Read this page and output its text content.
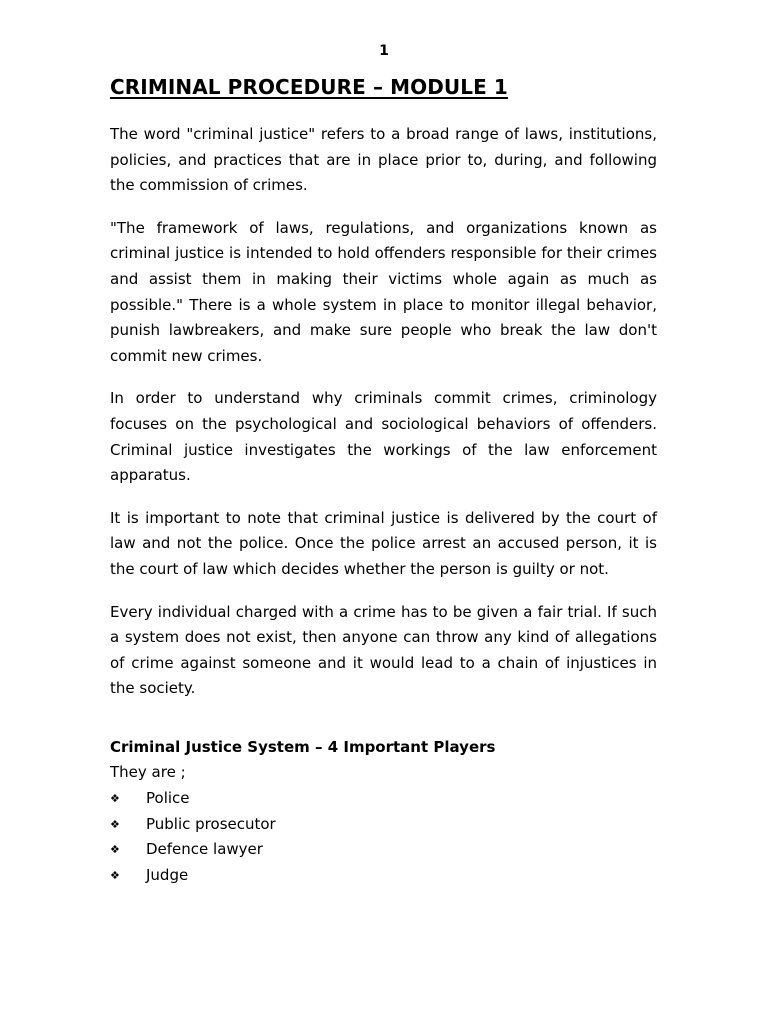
1
CRIMINAL PROCEDURE – MODULE 1

The word "criminal justice" refers to a broad range of laws, institutions, policies, and practices that are in place prior to, during, and following the commission of crimes.

"The framework of laws, regulations, and organizations known as criminal justice is intended to hold offenders responsible for their crimes and assist them in making their victims whole again as much as possible." There is a whole system in place to monitor illegal behavior, punish lawbreakers, and make sure people who break the law don't commit new crimes.

In order to understand why criminals commit crimes, criminology focuses on the psychological and sociological behaviors of offenders. Criminal justice investigates the workings of the law enforcement apparatus.

It is important to note that criminal justice is delivered by the court of law and not the police. Once the police arrest an accused person, it is the court of law which decides whether the person is guilty or not.

Every individual charged with a crime has to be given a fair trial. If such a system does not exist, then anyone can throw any kind of allegations of crime against someone and it would lead to a chain of injustices in the society.

Criminal Justice System – 4 Important Players
They are ;
❖	Police
❖	Public prosecutor
❖	Defence lawyer
❖	Judge
